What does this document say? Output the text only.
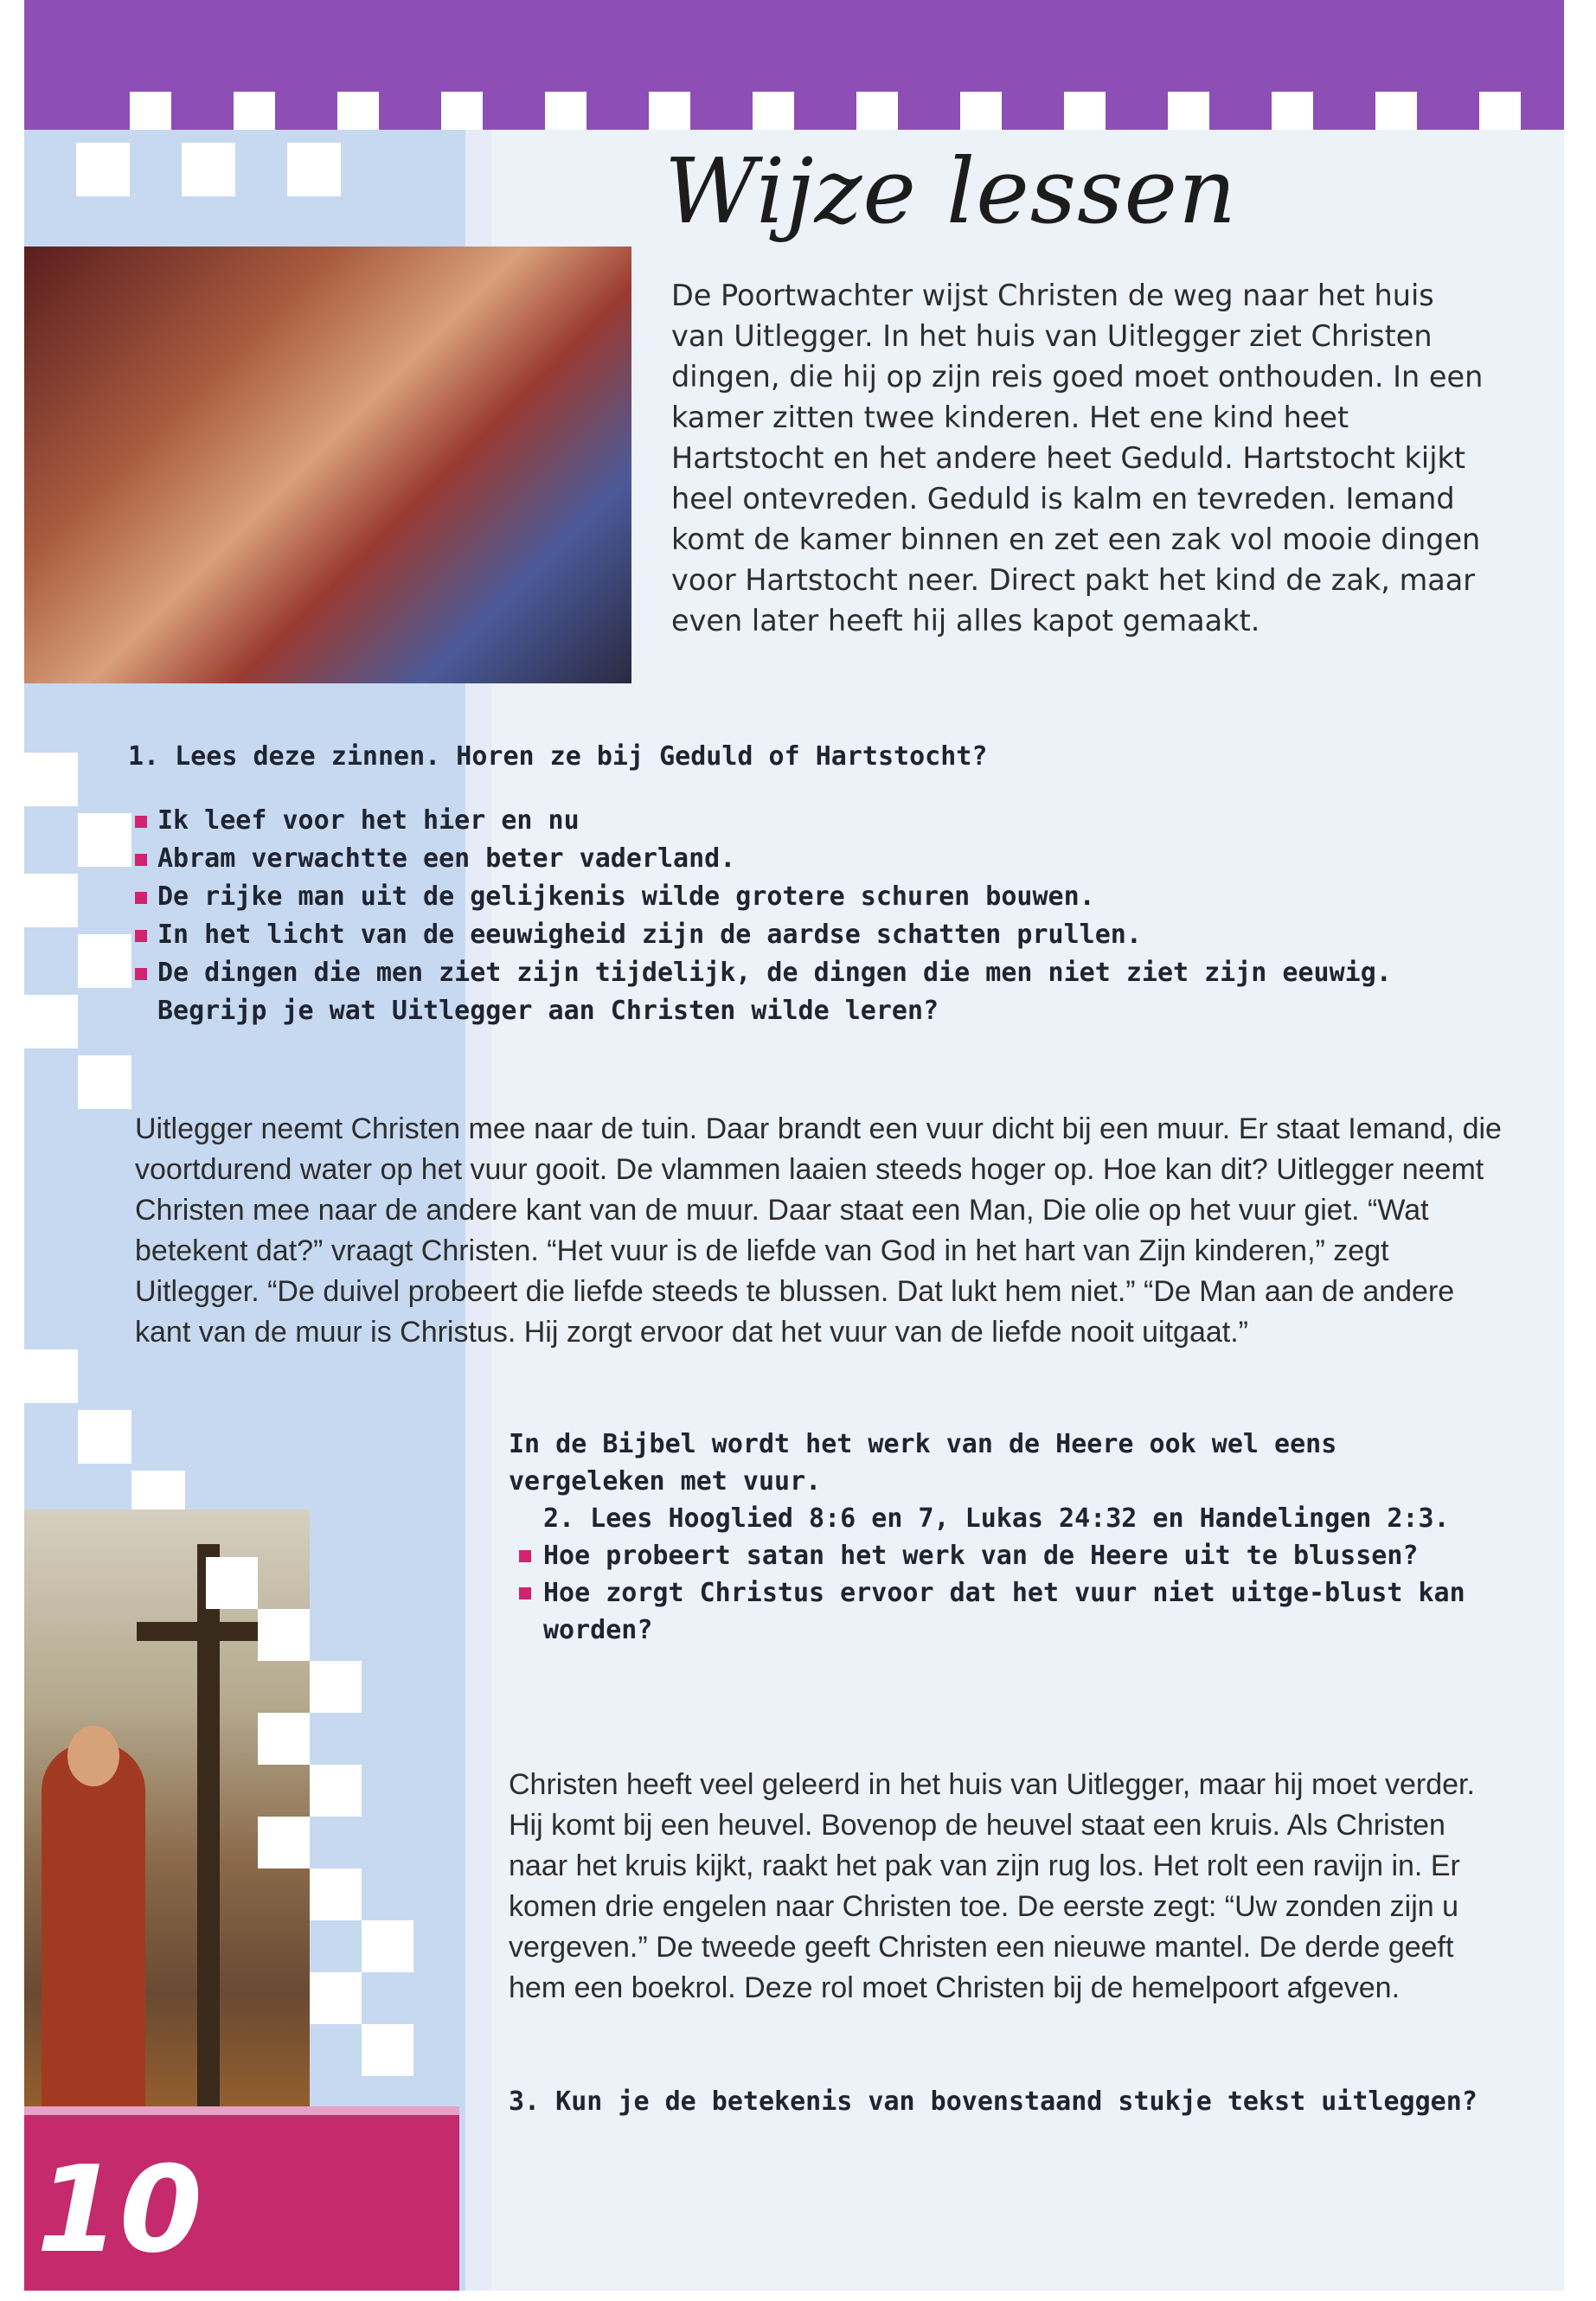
Wijze lessen

De Poortwachter wijst Christen de weg naar het huis van Uitlegger. In het huis van Uitlegger ziet Christen dingen, die hij op zijn reis goed moet onthouden. In een kamer zitten twee kinderen. Het ene kind heet Hartstocht en het andere heet Geduld. Hartstocht kijkt heel ontevreden. Geduld is kalm en tevreden. Iemand komt de kamer binnen en zet een zak vol mooie dingen voor Hartstocht neer. Direct pakt het kind de zak, maar even later heeft hij alles kapot gemaakt.

1. Lees deze zinnen. Horen ze bij Geduld of Hartstocht?

Ik leef voor het hier en nu
Abram verwachtte een beter vaderland.
De rijke man uit de gelijkenis wilde grotere schuren bouwen.
In het licht van de eeuwigheid zijn de aardse schatten prullen.
De dingen die men ziet zijn tijdelijk, de dingen die men niet ziet zijn eeuwig.

Begrijp je wat Uitlegger aan Christen wilde leren?

Uitlegger neemt Christen mee naar de tuin. Daar brandt een vuur dicht bij een muur. Er staat Iemand, die voortdurend water op het vuur gooit. De vlammen laaien steeds hoger op. Hoe kan dit? Uitlegger neemt Christen mee naar de andere kant van de muur. Daar staat een Man, Die olie op het vuur giet. “Wat betekent dat?” vraagt Christen. “Het vuur is de liefde van God in het hart van Zijn kinderen,” zegt Uitlegger. “De duivel probeert die liefde steeds te blussen. Dat lukt hem niet.” “De Man aan de andere kant van de muur is Christus. Hij zorgt ervoor dat het vuur van de liefde nooit uitgaat.”

In de Bijbel wordt het werk van de Heere ook wel eens vergeleken met vuur.

2. Lees Hooglied 8:6 en 7, Lukas 24:32 en Handelingen 2:3.

Hoe probeert satan het werk van de Heere uit te blussen?
Hoe zorgt Christus ervoor dat het vuur niet uitge-blust kan worden?

Christen heeft veel geleerd in het huis van Uitlegger, maar hij moet verder. Hij komt bij een heuvel. Bovenop de heuvel staat een kruis. Als Christen naar het kruis kijkt, raakt het pak van zijn rug los. Het rolt een ravijn in. Er komen drie engelen naar Christen toe. De eerste zegt: “Uw zonden zijn u vergeven.” De tweede geeft Christen een nieuwe mantel. De derde geeft hem een boekrol. Deze rol moet Christen bij de hemelpoort afgeven.

3. Kun je de betekenis van bovenstaand stukje tekst uitleggen?

10
